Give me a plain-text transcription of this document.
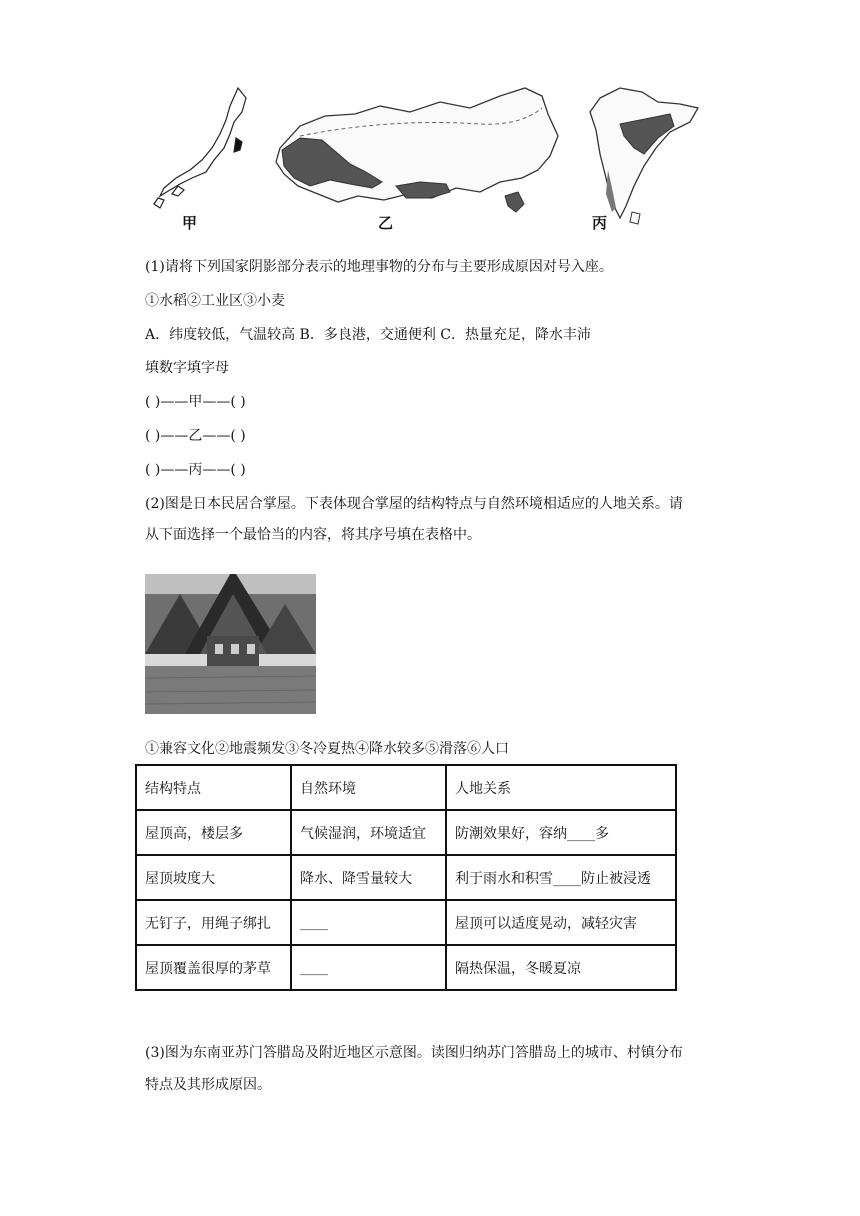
甲	乙	丙
(1)请将下列国家阴影部分表示的地理事物的分布与主要形成原因对号入座。
①水稻②工业区③小麦
A．纬度较低，气温较高 B．多良港，交通便利 C．热量充足，降水丰沛
填数字填字母
( )——甲——( )
( )——乙——( )
( )——丙——( )
(2)图是日本民居合掌屋。下表体现合掌屋的结构特点与自然环境相适应的人地关系。请
从下面选择一个最恰当的内容，将其序号填在表格中。
①兼容文化②地震频发③冬冷夏热④降水较多⑤滑落⑥人口
结构特点	自然环境	人地关系
屋顶高，楼层多	气候湿润，环境适宜	防潮效果好，容纳____多
屋顶坡度大	降水、降雪量较大	利于雨水和积雪____防止被浸透
无钉子，用绳子绑扎	____	屋顶可以适度晃动，减轻灾害
屋顶覆盖很厚的茅草	____	隔热保温，冬暖夏凉
(3)图为东南亚苏门答腊岛及附近地区示意图。读图归纳苏门答腊岛上的城市、村镇分布
特点及其形成原因。
